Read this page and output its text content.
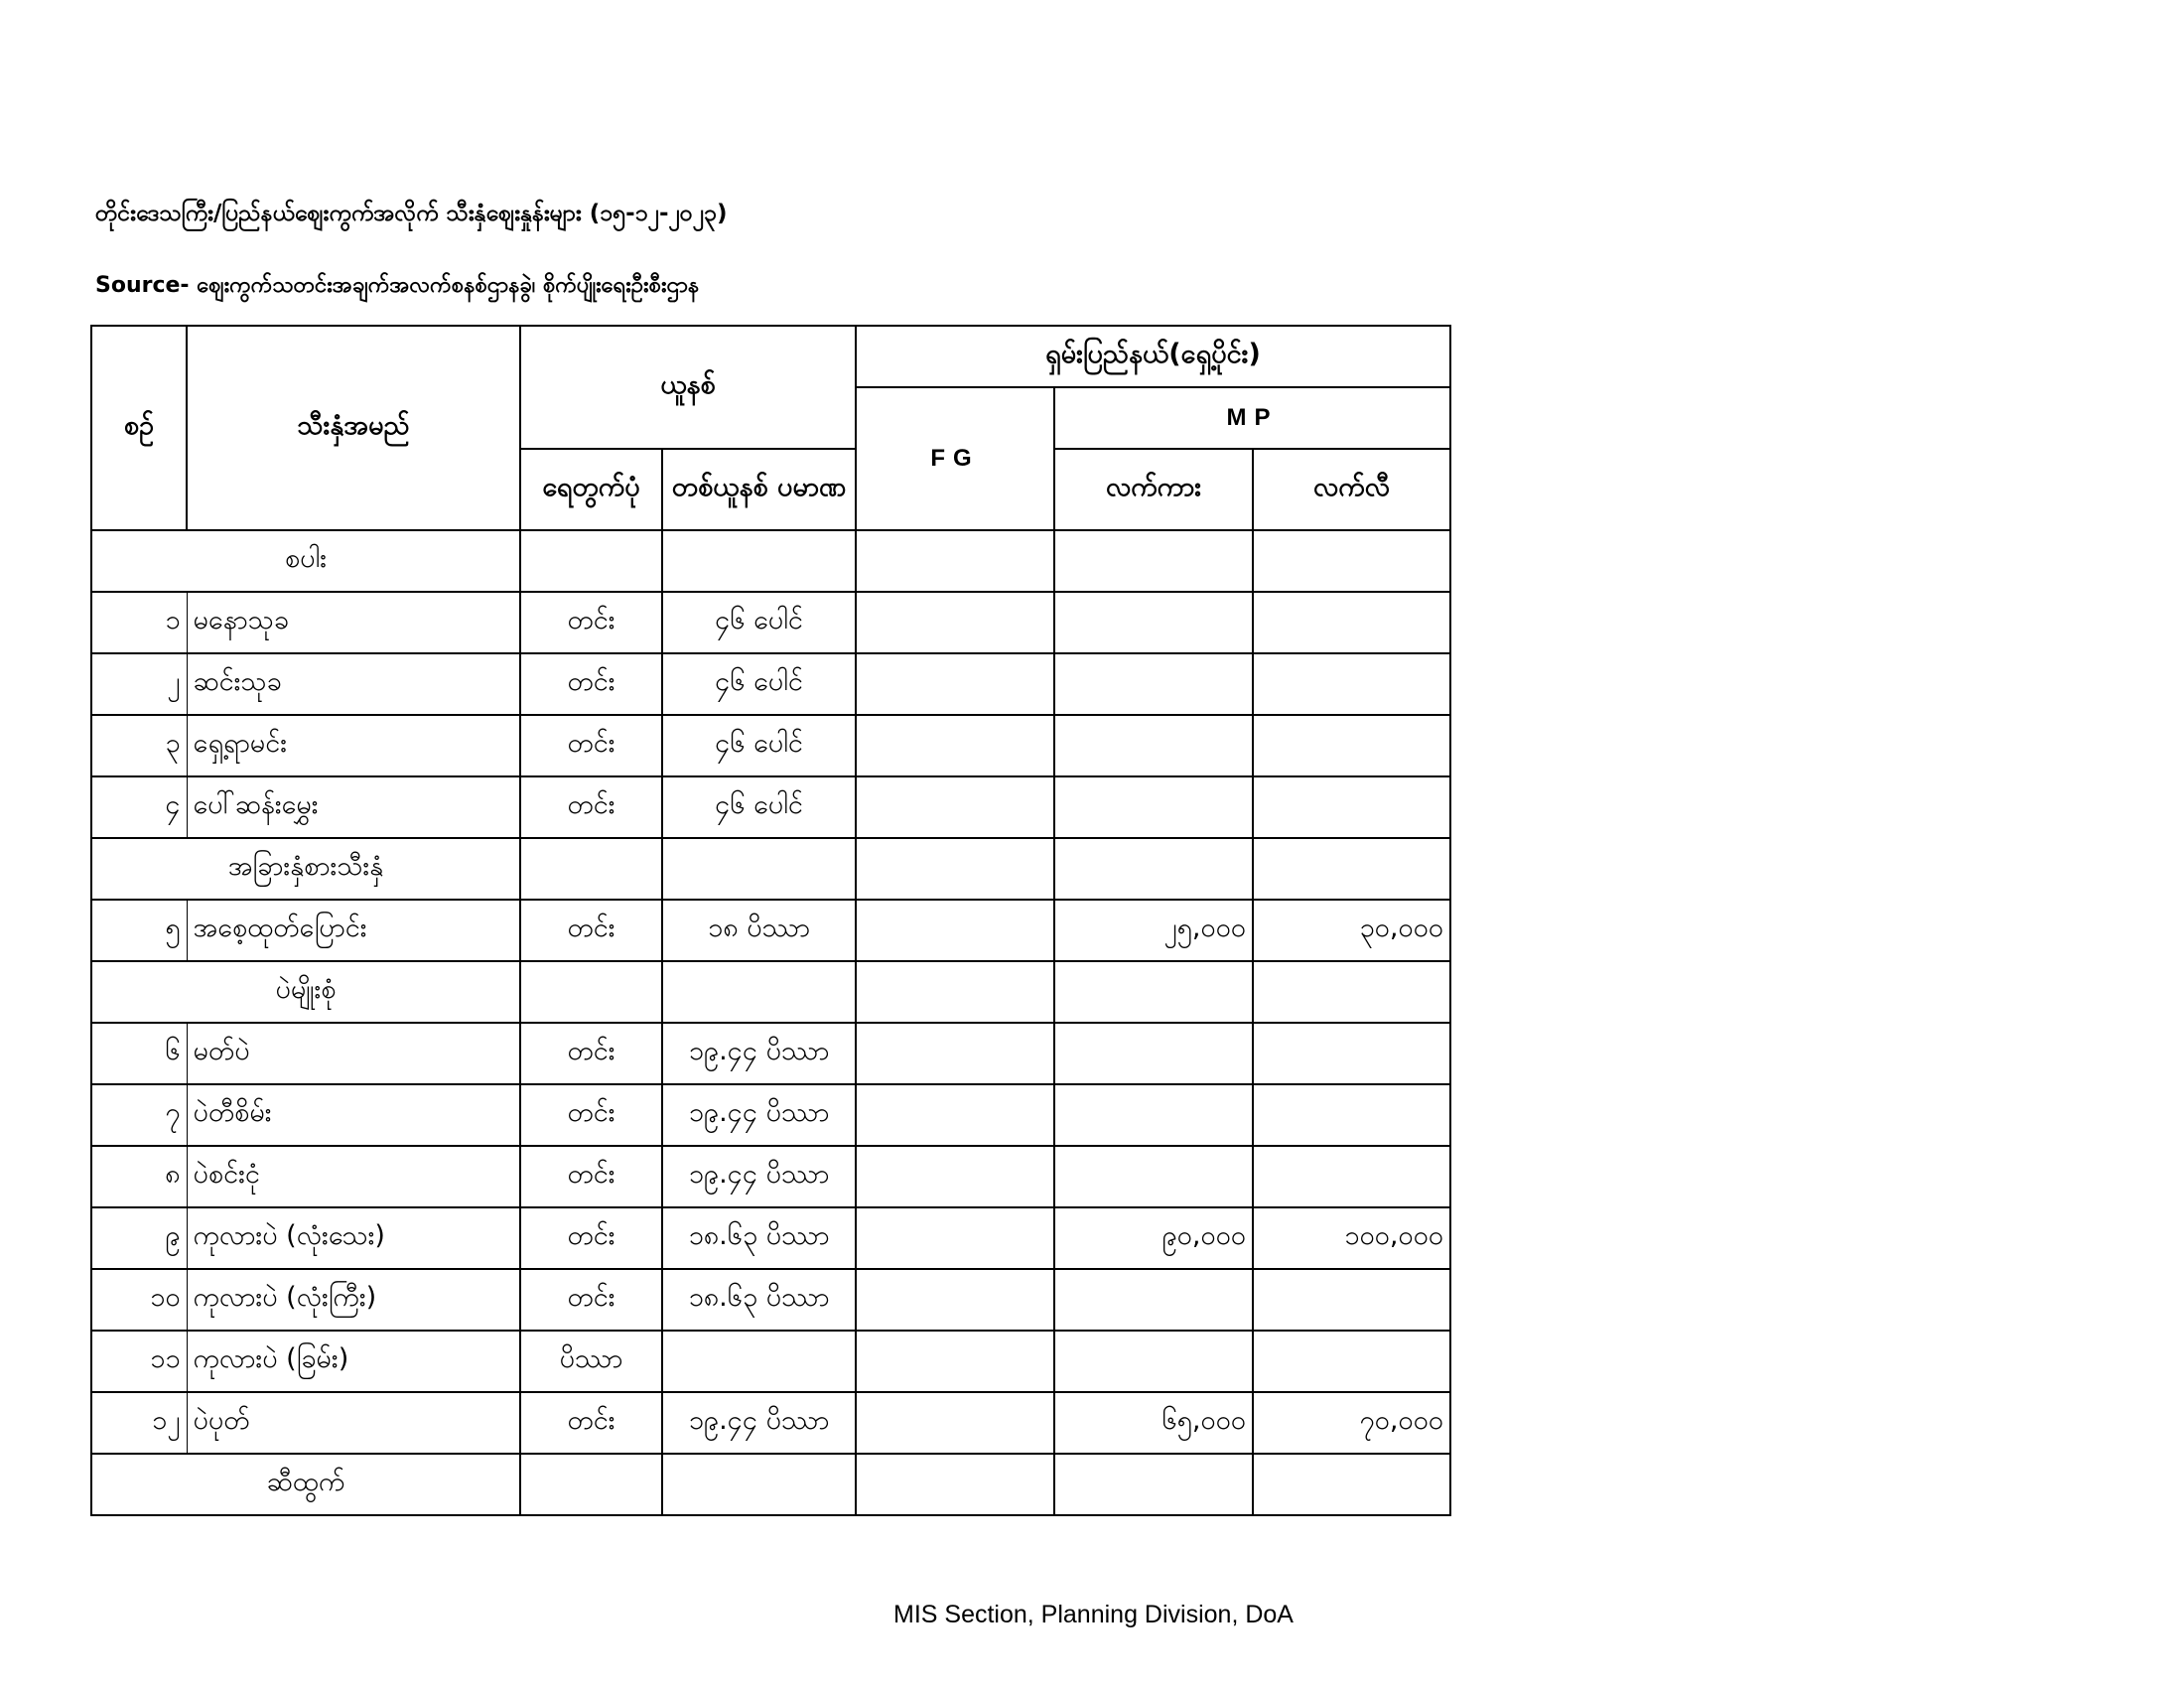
တိုင်းဒေသကြီး/ပြည်နယ်ဈေးကွက်အလိုက် သီးနှံဈေးနှုန်းများ (၁၅-၁၂-၂၀၂၃)
Source- ဈေးကွက်သတင်းအချက်အလက်စနစ်ဌာနခွဲ၊ စိုက်ပျိုးရေးဦးစီးဌာန
စဉ်	သီးနှံအမည်	ယူနစ်		ရှမ်းပြည်နယ်(ရှေ့ပိုင်း)		
				FG	MP	
		ရေတွက်ပုံ	တစ်ယူနစ် ပမာဏ		လက်ကား	လက်လီ
စပါး						
၁	မနောသုခ	တင်း	၄၆ ပေါင်			
၂	ဆင်းသုခ	တင်း	၄၆ ပေါင်			
၃	ရှေ့ရာမင်း	တင်း	၄၆ ပေါင်			
၄	ပေါ်ဆန်းမွှေး	တင်း	၄၆ ပေါင်			
အခြားနှံစားသီးနှံ						
၅	အစေ့ထုတ်ပြောင်း	တင်း	၁၈ ပိဿာ		၂၅,၀၀၀	၃၀,၀၀၀
ပဲမျိုးစုံ						
၆	မတ်ပဲ	တင်း	၁၉.၄၄ ပိဿာ			
၇	ပဲတီစိမ်း	တင်း	၁၉.၄၄ ပိဿာ			
၈	ပဲစင်းငုံ	တင်း	၁၉.၄၄ ပိဿာ			
၉	ကုလားပဲ (လုံးသေး)	တင်း	၁၈.၆၃ ပိဿာ		၉၀,၀၀၀	၁၀၀,၀၀၀
၁၀	ကုလားပဲ (လုံးကြီး)	တင်း	၁၈.၆၃ ပိဿာ			
၁၁	ကုလားပဲ (ခြမ်း)	ပိဿာ				
၁၂	ပဲပုတ်	တင်း	၁၉.၄၄ ပိဿာ		၆၅,၀၀၀	၇၀,၀၀၀
ဆီထွက်						
MIS Section, Planning Division, DoA
